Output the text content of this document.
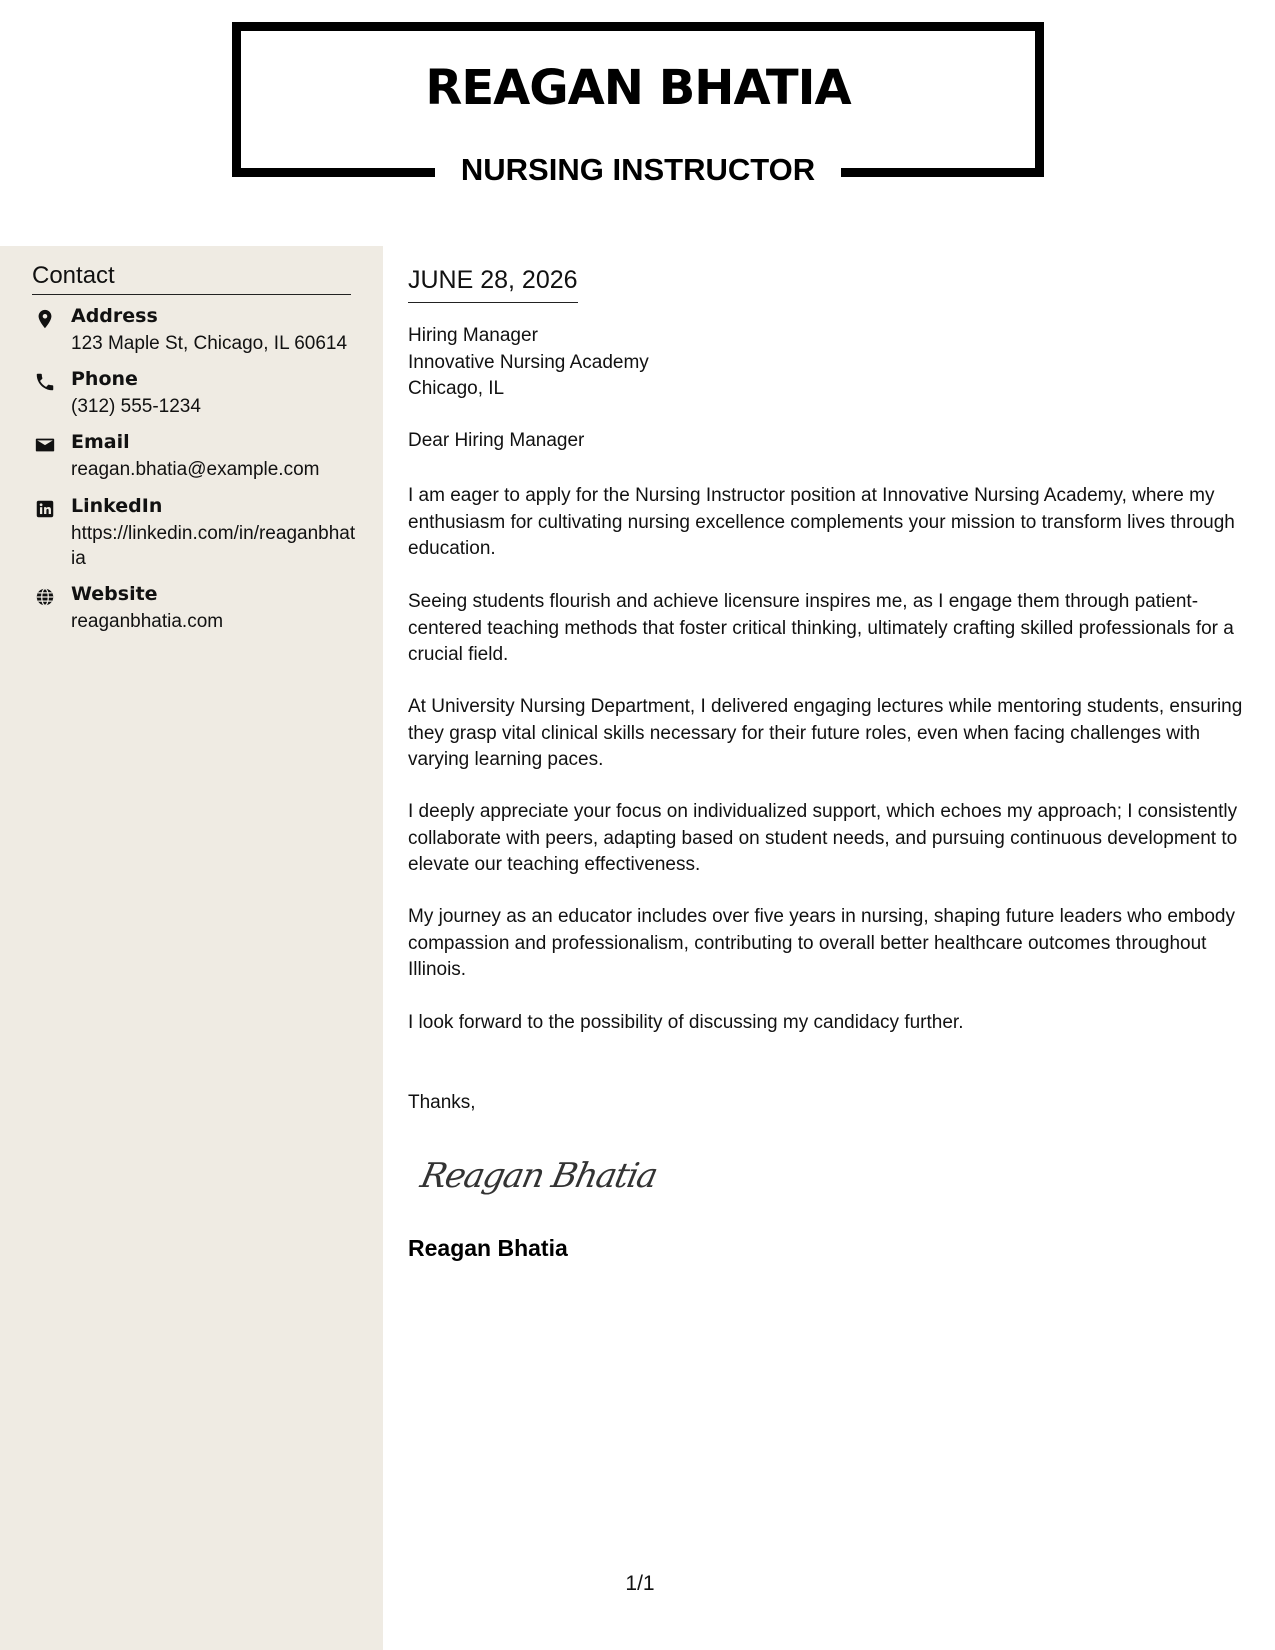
REAGAN BHATIA
NURSING INSTRUCTOR
Contact
Address
123 Maple St, Chicago, IL 60614
Phone
(312) 555-1234
Email
reagan.bhatia@example.com
LinkedIn
https://linkedin.com/in/reaganbhatia
Website
reaganbhatia.com
JUNE 28, 2026
Hiring Manager
Innovative Nursing Academy
Chicago, IL
Dear Hiring Manager
I am eager to apply for the Nursing Instructor position at Innovative Nursing Academy, where my enthusiasm for cultivating nursing excellence complements your mission to transform lives through education.
Seeing students flourish and achieve licensure inspires me, as I engage them through patient-centered teaching methods that foster critical thinking, ultimately crafting skilled professionals for a crucial field.
At University Nursing Department, I delivered engaging lectures while mentoring students, ensuring they grasp vital clinical skills necessary for their future roles, even when facing challenges with varying learning paces.
I deeply appreciate your focus on individualized support, which echoes my approach; I consistently collaborate with peers, adapting based on student needs, and pursuing continuous development to elevate our teaching effectiveness.
My journey as an educator includes over five years in nursing, shaping future leaders who embody compassion and professionalism, contributing to overall better healthcare outcomes throughout Illinois.
I look forward to the possibility of discussing my candidacy further.
Thanks,
Reagan Bhatia
Reagan Bhatia
1/1
